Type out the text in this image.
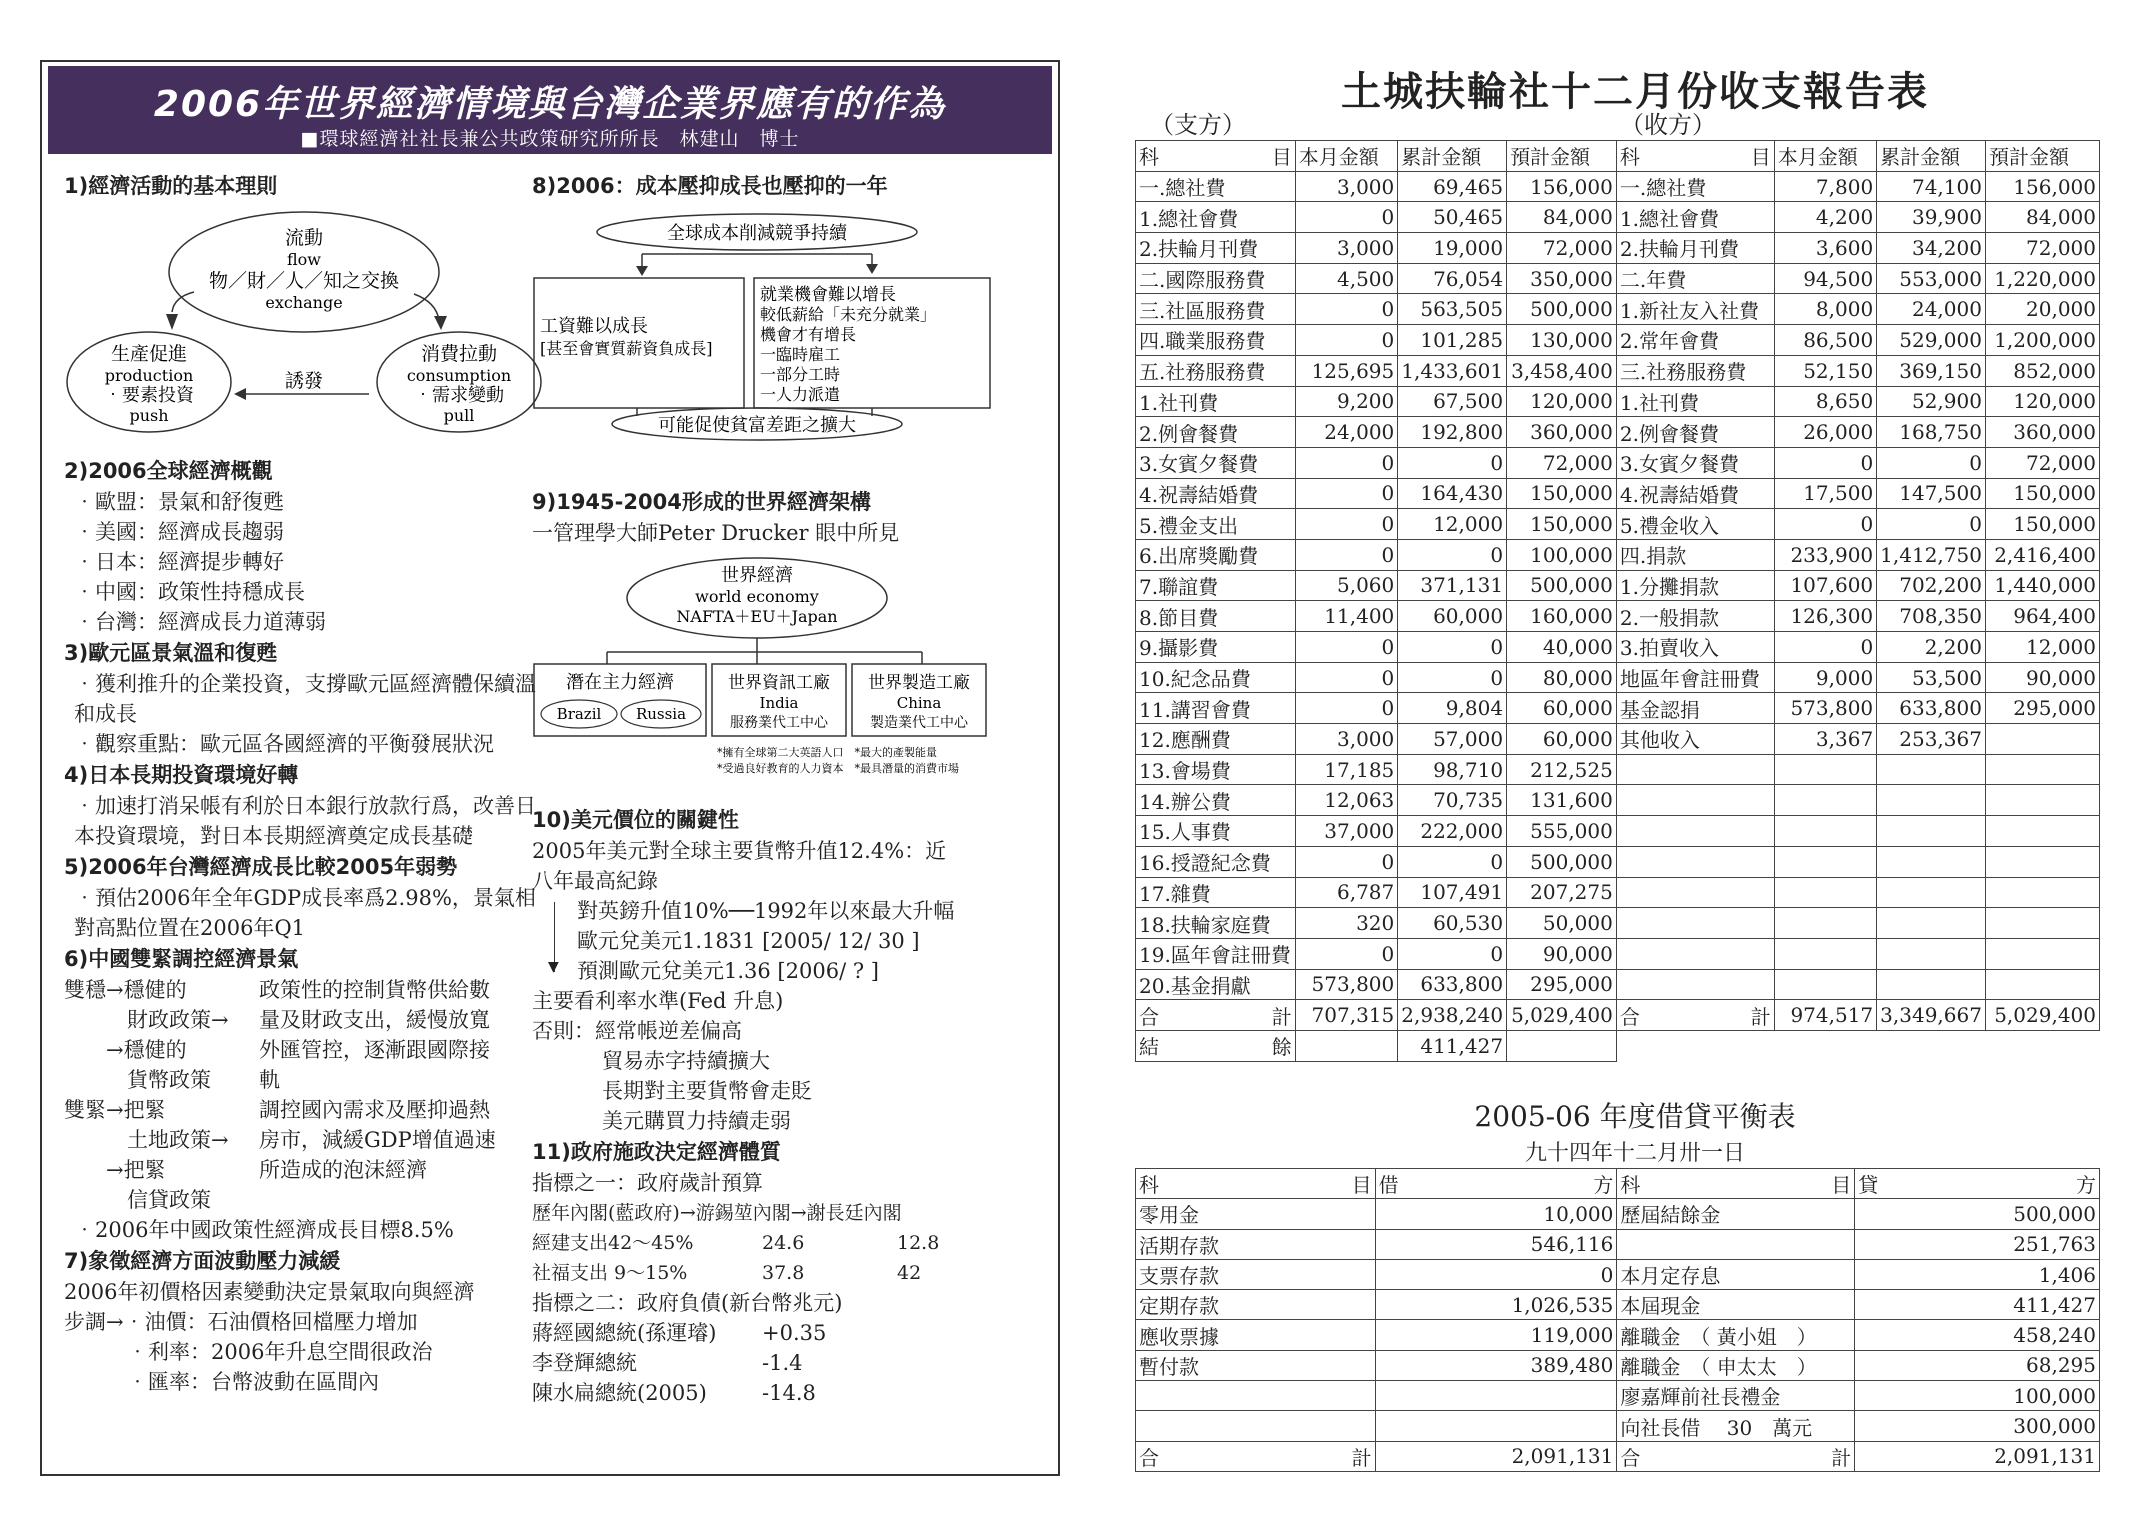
2006年世界經濟情境與台灣企業界應有的作為
■環球經濟社社長兼公共政策研究所所長　林建山　博士
1)經濟活動的基本理則
流動
flow
物／財／人／知之交換
exchange
生產促進
production
‧要素投資
push
消費拉動
consumption
‧需求變動
pull
誘發
2)2006全球經濟概觀
‧歐盟：景氣和舒復甦
‧美國：經濟成長趨弱
‧日本：經濟提步轉好
‧中國：政策性持穩成長
‧台灣：經濟成長力道薄弱
3)歐元區景氣溫和復甦
‧獲利推升的企業投資，支撐歐元區經濟體保續溫和成長
‧觀察重點：歐元區各國經濟的平衡發展狀況
4)日本長期投資環境好轉
‧加速打消呆帳有利於日本銀行放款行爲，改善日本投資環境，對日本長期經濟奠定成長基礎
5)2006年台灣經濟成長比較2005年弱勢
‧預估2006年全年GDP成長率爲2.98%，景氣相對高點位置在2006年Q1
6)中國雙緊調控經濟景氣
雙穩→穩健的	政策性的控制貨幣供給數
　　　財政政策→	量及財政支出，緩慢放寬
　　→穩健的	外匯管控，逐漸跟國際接
　　　貨幣政策	軌
雙緊→把緊	調控國內需求及壓抑過熱
　　　土地政策→	房市，減緩GDP增值過速
　　→把緊	所造成的泡沫經濟
　　　信貸政策
‧2006年中國政策性經濟成長目標8.5%
7)象徵經濟方面波動壓力減緩
2006年初價格因素變動決定景氣取向與經濟
步調→‧油價：石油價格回檔壓力增加
　　　‧利率：2006年升息空間很政治
　　　‧匯率：台幣波動在區間內
8)2006：成本壓抑成長也壓抑的一年
全球成本削減競爭持續
工資難以成長
[甚至會實質薪資負成長]
就業機會難以增長
較低薪給「未充分就業」
機會才有增長
一臨時雇工
一部分工時
一人力派遣
可能促使貧富差距之擴大
9)1945-2004形成的世界經濟架構
一管理學大師Peter Drucker 眼中所見
世界經濟
world economy
NAFTA＋EU＋Japan
潛在主力經濟
Brazil Russia
世界資訊工廠
India
服務業代工中心
世界製造工廠
China
製造業代工中心
*擁有全球第二大英語人口　*最大的產製能量
*受過良好教育的人力資本　*最具潛量的消費市場
10)美元價位的關鍵性
2005年美元對全球主要貨幣升值12.4%：近
八年最高紀錄
▼
對英鎊升值10%──1992年以來最大升幅
歐元兌美元1.1831 [2005/ 12/ 30 ]
預測歐元兌美元1.36 [2006/ ? ]
主要看利率水準(Fed 升息)
否則：經常帳逆差偏高
貿易赤字持續擴大
長期對主要貨幣會走貶
美元購買力持續走弱
11)政府施政決定經濟體質
指標之一：政府歲計預算
歷年內閣(藍政府)→游錫堃內閣→謝長廷內閣
經建支出42～45%	24.6	12.8
社福支出 9～15%	37.8	42
指標之二：政府負債(新台幣兆元)
蔣經國總統(孫運璿)	+0.35
李登輝總統	-1.4
陳水扁總統(2005)	-14.8
土城扶輪社十二月份收支報告表
（支方）	（收方）
科　　　目	本月金額	累計金額	預計金額	科　　　目	本月金額	累計金額	預計金額
一.總社費	3,000	69,465	156,000	一.總社費	7,800	74,100	156,000
1.總社會費	0	50,465	84,000	1.總社會費	4,200	39,900	84,000
2.扶輪月刊費	3,000	19,000	72,000	2.扶輪月刊費	3,600	34,200	72,000
二.國際服務費	4,500	76,054	350,000	二.年費	94,500	553,000	1,220,000
三.社區服務費	0	563,505	500,000	1.新社友入社費	8,000	24,000	20,000
四.職業服務費	0	101,285	130,000	2.常年會費	86,500	529,000	1,200,000
五.社務服務費	125,695	1,433,601	3,458,400	三.社務服務費	52,150	369,150	852,000
1.社刊費	9,200	67,500	120,000	1.社刊費	8,650	52,900	120,000
2.例會餐費	24,000	192,800	360,000	2.例會餐費	26,000	168,750	360,000
3.女賓夕餐費	0	0	72,000	3.女賓夕餐費	0	0	72,000
4.祝壽結婚費	0	164,430	150,000	4.祝壽結婚費	17,500	147,500	150,000
5.禮金支出	0	12,000	150,000	5.禮金收入	0	0	150,000
6.出席獎勵費	0	0	100,000	四.捐款	233,900	1,412,750	2,416,400
7.聯誼費	5,060	371,131	500,000	1.分攤捐款	107,600	702,200	1,440,000
8.節目費	11,400	60,000	160,000	2.一般捐款	126,300	708,350	964,400
9.攝影費	0	0	40,000	3.拍賣收入	0	2,200	12,000
10.紀念品費	0	0	80,000	地區年會註冊費	9,000	53,500	90,000
11.講習會費	0	9,804	60,000	基金認捐	573,800	633,800	295,000
12.應酬費	3,000	57,000	60,000	其他收入	3,367	253,367	
13.會場費	17,185	98,710	212,525				
14.辦公費	12,063	70,735	131,600				
15.人事費	37,000	222,000	555,000				
16.授證紀念費	0	0	500,000				
17.雜費	6,787	107,491	207,275				
18.扶輪家庭費	320	60,530	50,000				
19.區年會註冊費	0	0	90,000				
20.基金捐獻	573,800	633,800	295,000				
合　計	707,315	2,938,240	5,029,400	合　計	974,517	3,349,667	5,029,400
結　餘		411,427					
2005-06 年度借貸平衡表
九十四年十二月卅一日
科　　　　目	借　　　　　方	科　　　　目	貸　　　　　方
零用金	10,000	歷屆結餘金	500,000
活期存款	546,116		251,763
支票存款	0	本月定存息	1,406
定期存款	1,026,535	本屆現金	411,427
應收票據	119,000	離職金　（ 黃小姐　）	458,240
暫付款	389,480	離職金　（ 申太太　）	68,295
		廖嘉輝前社長禮金	100,000
		向社長借　 30　萬元	300,000
合　　計	2,091,131	合　　計	2,091,131
